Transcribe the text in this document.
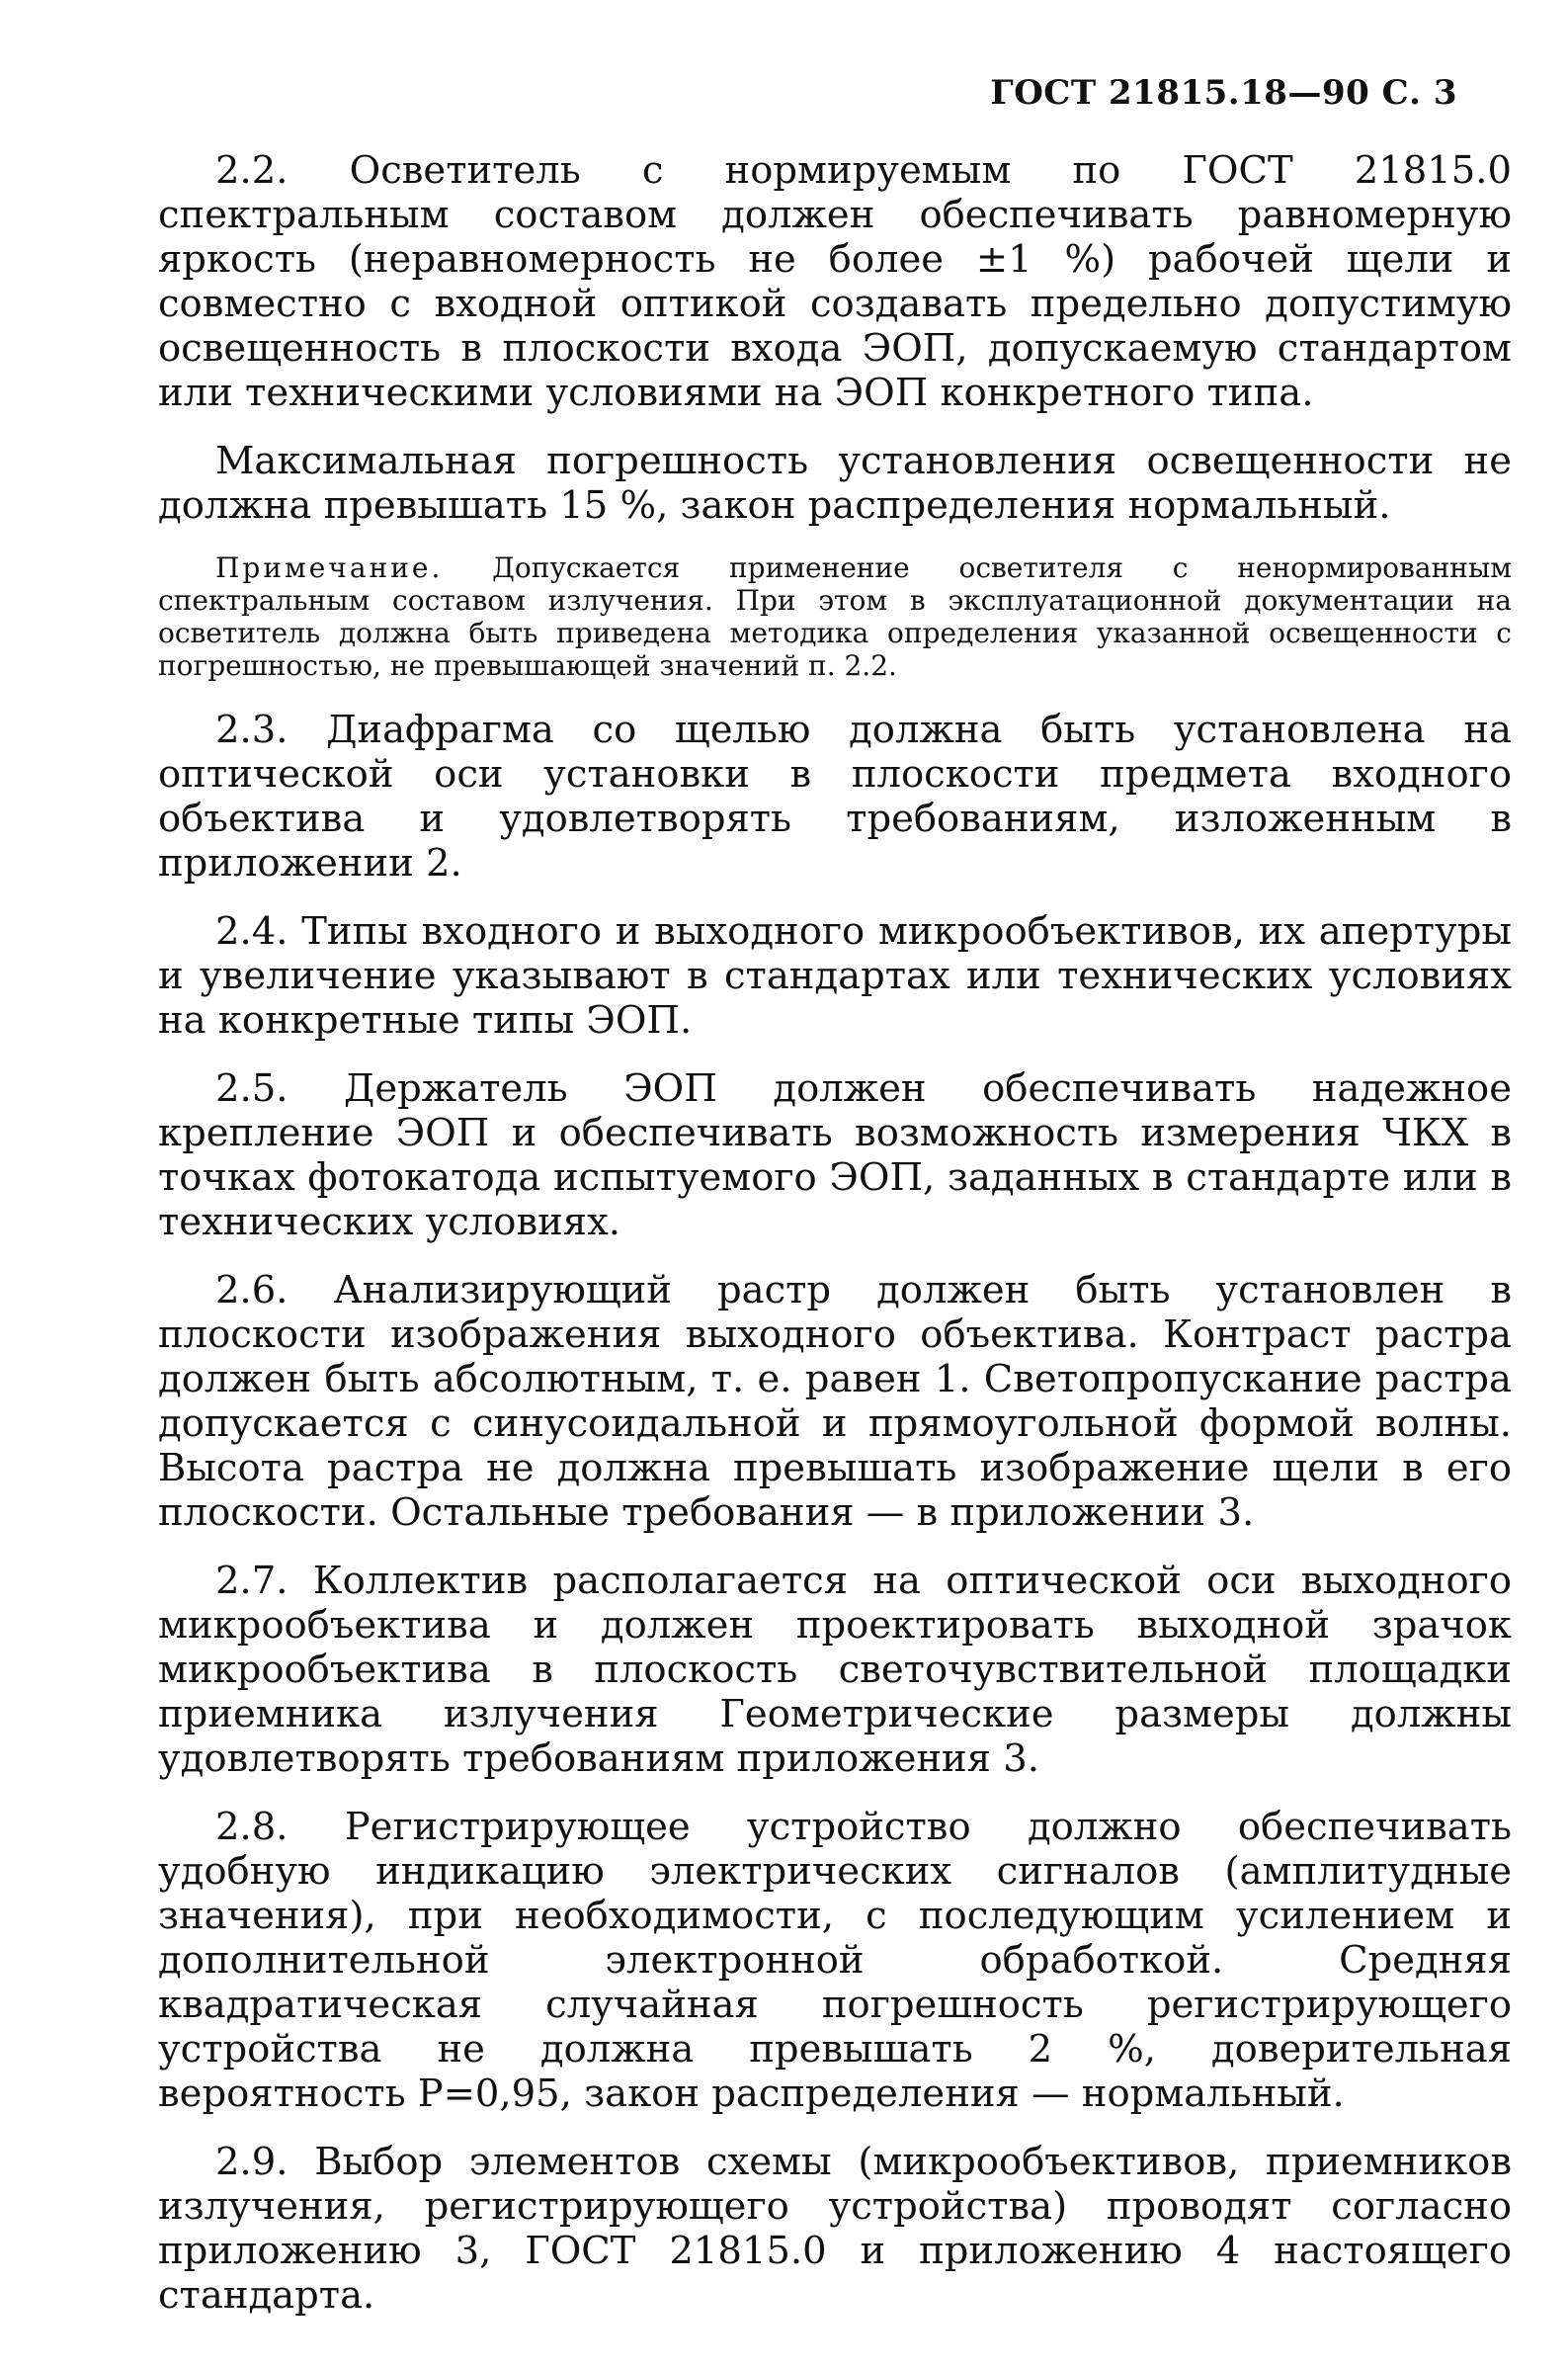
ГОСТ 21815.18—90 С. 3

2.2. Осветитель с нормируемым по ГОСТ 21815.0 спектральным составом должен обеспечивать равномерную яркость (неравномерность не более ±1 %) рабочей щели и совместно с входной оптикой создавать предельно допустимую освещенность в плоскости входа ЭОП, допускаемую стандартом или техническими условиями на ЭОП конкретного типа.

Максимальная погрешность установления освещенности не должна превышать 15 %, закон распределения нормальный.

Примечание. Допускается применение осветителя с ненормированным спектральным составом излучения. При этом в эксплуатационной документации на осветитель должна быть приведена методика определения указанной освещенности с погрешностью, не превышающей значений п. 2.2.

2.3. Диафрагма со щелью должна быть установлена на оптической оси установки в плоскости предмета входного объектива и удовлетворять требованиям, изложенным в приложении 2.

2.4. Типы входного и выходного микрообъективов, их апертуры и увеличение указывают в стандартах или технических условиях на конкретные типы ЭОП.

2.5. Держатель ЭОП должен обеспечивать надежное крепление ЭОП и обеспечивать возможность измерения ЧКХ в точках фотокатода испытуемого ЭОП, заданных в стандарте или в технических условиях.

2.6. Анализирующий растр должен быть установлен в плоскости изображения выходного объектива. Контраст растра должен быть абсолютным, т. е. равен 1. Светопропускание растра допускается с синусоидальной и прямоугольной формой волны. Высота растра не должна превышать изображение щели в его плоскости. Остальные требования — в приложении 3.

2.7. Коллектив располагается на оптической оси выходного микрообъектива и должен проектировать выходной зрачок микрообъектива в плоскость светочувствительной площадки приемника излучения Геометрические размеры должны удовлетворять требованиям приложения 3.

2.8. Регистрирующее устройство должно обеспечивать удобную индикацию электрических сигналов (амплитудные значения), при необходимости, с последующим усилением и дополнительной электронной обработкой. Средняя квадратическая случайная погрешность регистрирующего устройства не должна превышать 2 %, доверительная вероятность P=0,95, закон распределения — нормальный.

2.9. Выбор элементов схемы (микрообъективов, приемников излучения, регистрирующего устройства) проводят согласно приложению 3, ГОСТ 21815.0 и приложению 4 настоящего стандарта.
